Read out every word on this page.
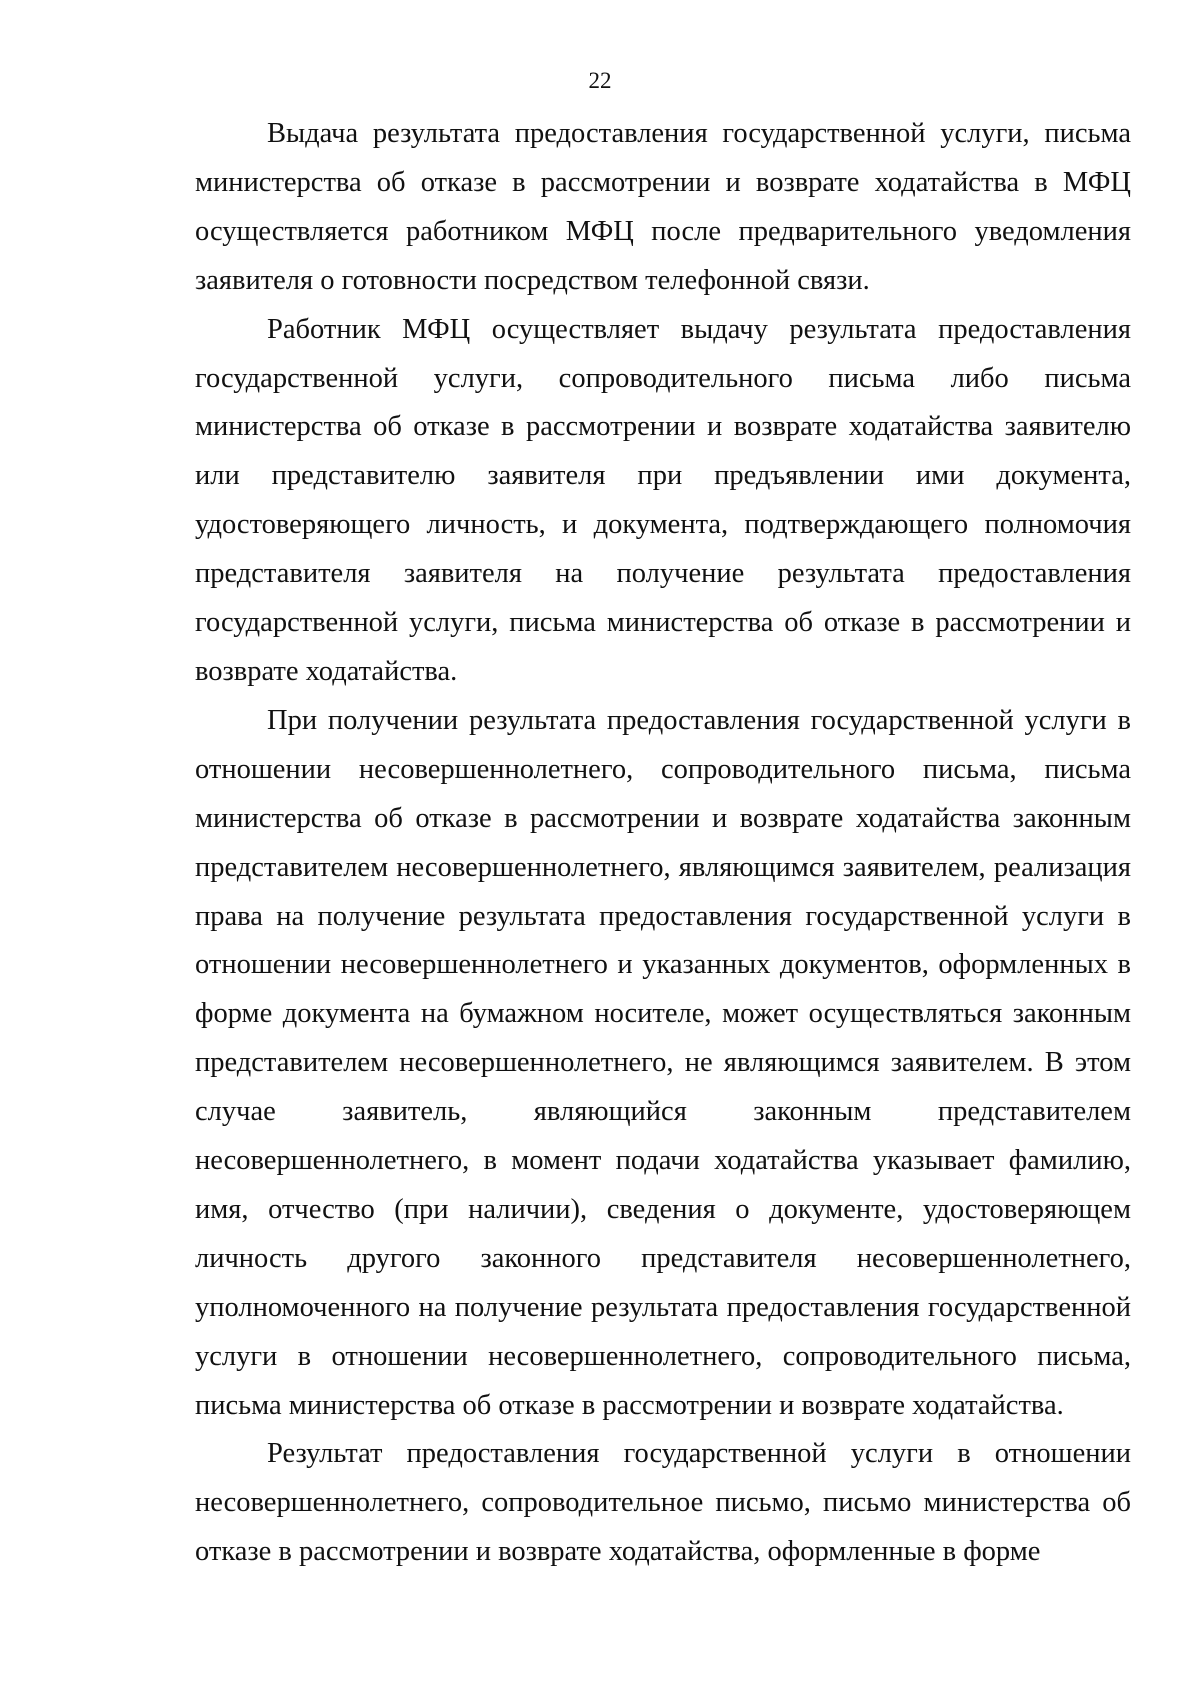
22

Выдача результата предоставления государственной услуги, письма министерства об отказе в рассмотрении и возврате ходатайства в МФЦ осуществляется работником МФЦ после предварительного уведомления заявителя о готовности посредством телефонной связи.

Работник МФЦ осуществляет выдачу результата предоставления государственной услуги, сопроводительного письма либо письма министерства об отказе в рассмотрении и возврате ходатайства заявителю или представителю заявителя при предъявлении ими документа, удостоверяющего личность, и документа, подтверждающего полномочия представителя заявителя на получение результата предоставления государственной услуги, письма министерства об отказе в рассмотрении и возврате ходатайства.

При получении результата предоставления государственной услуги в отношении несовершеннолетнего, сопроводительного письма, письма министерства об отказе в рассмотрении и возврате ходатайства законным представителем несовершеннолетнего, являющимся заявителем, реализация права на получение результата предоставления государственной услуги в отношении несовершеннолетнего и указанных документов, оформленных в форме документа на бумажном носителе, может осуществляться законным представителем несовершеннолетнего, не являющимся заявителем. В этом случае заявитель, являющийся законным представителем несовершеннолетнего, в момент подачи ходатайства указывает фамилию, имя, отчество (при наличии), сведения о документе, удостоверяющем личность другого законного представителя несовершеннолетнего, уполномоченного на получение результата предоставления государственной услуги в отношении несовершеннолетнего, сопроводительного письма, письма министерства об отказе в рассмотрении и возврате ходатайства.

Результат предоставления государственной услуги в отношении несовершеннолетнего, сопроводительное письмо, письмо министерства об отказе в рассмотрении и возврате ходатайства, оформленные в форме
